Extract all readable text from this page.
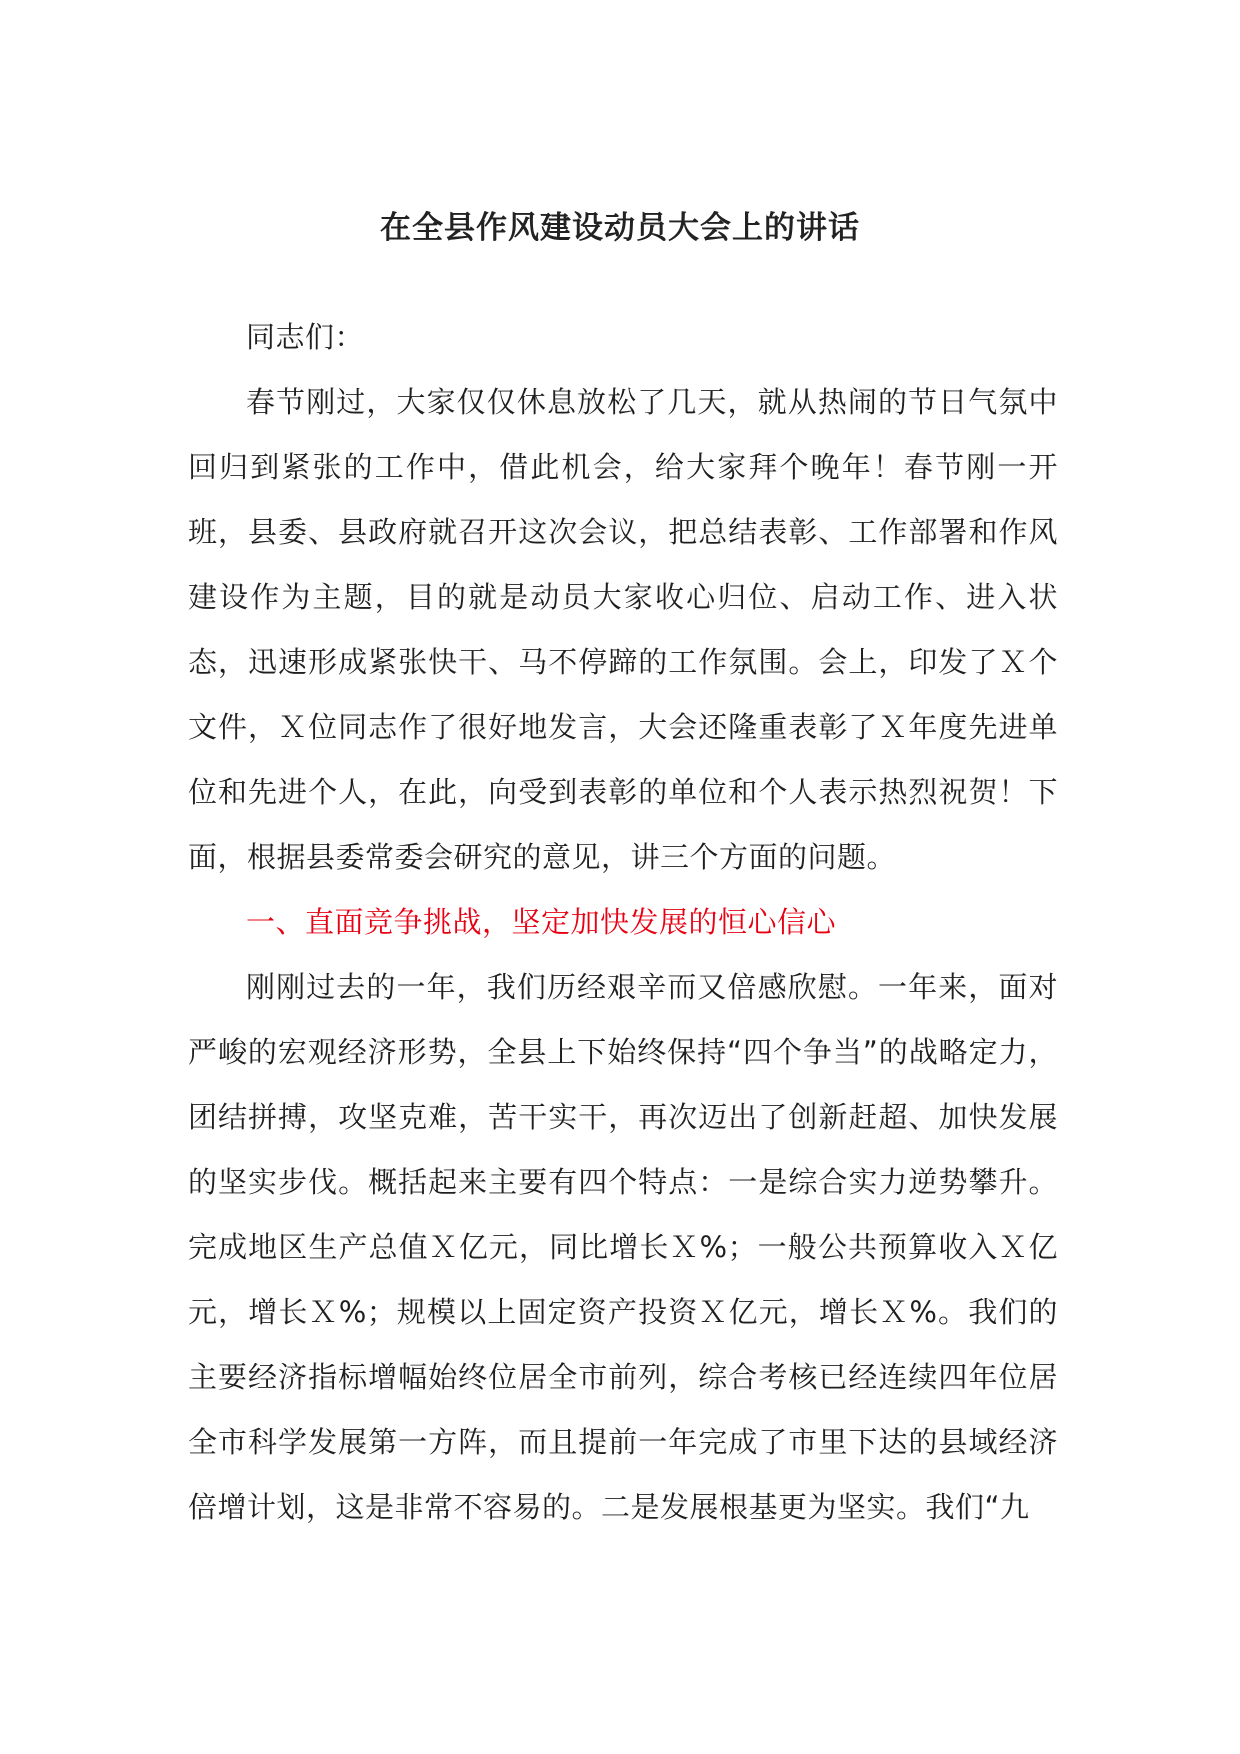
在全县作风建设动员大会上的讲话

同志们：

春节刚过，大家仅仅休息放松了几天，就从热闹的节日气氛中回归到紧张的工作中，借此机会，给大家拜个晚年！春节刚一开班，县委、县政府就召开这次会议，把总结表彰、工作部署和作风建设作为主题，目的就是动员大家收心归位、启动工作、进入状态，迅速形成紧张快干、马不停蹄的工作氛围。会上，印发了Ｘ个文件，Ｘ位同志作了很好地发言，大会还隆重表彰了Ｘ年度先进单位和先进个人，在此，向受到表彰的单位和个人表示热烈祝贺！下面，根据县委常委会研究的意见，讲三个方面的问题。

一、直面竞争挑战，坚定加快发展的恒心信心

刚刚过去的一年，我们历经艰辛而又倍感欣慰。一年来，面对严峻的宏观经济形势，全县上下始终保持“四个争当”的战略定力，团结拼搏，攻坚克难，苦干实干，再次迈出了创新赶超、加快发展的坚实步伐。概括起来主要有四个特点：一是综合实力逆势攀升。完成地区生产总值Ｘ亿元，同比增长Ｘ%；一般公共预算收入Ｘ亿元，增长Ｘ%；规模以上固定资产投资Ｘ亿元，增长Ｘ%。我们的主要经济指标增幅始终位居全市前列，综合考核已经连续四年位居全市科学发展第一方阵，而且提前一年完成了市里下达的县域经济倍增计划，这是非常不容易的。二是发展根基更为坚实。我们“九
